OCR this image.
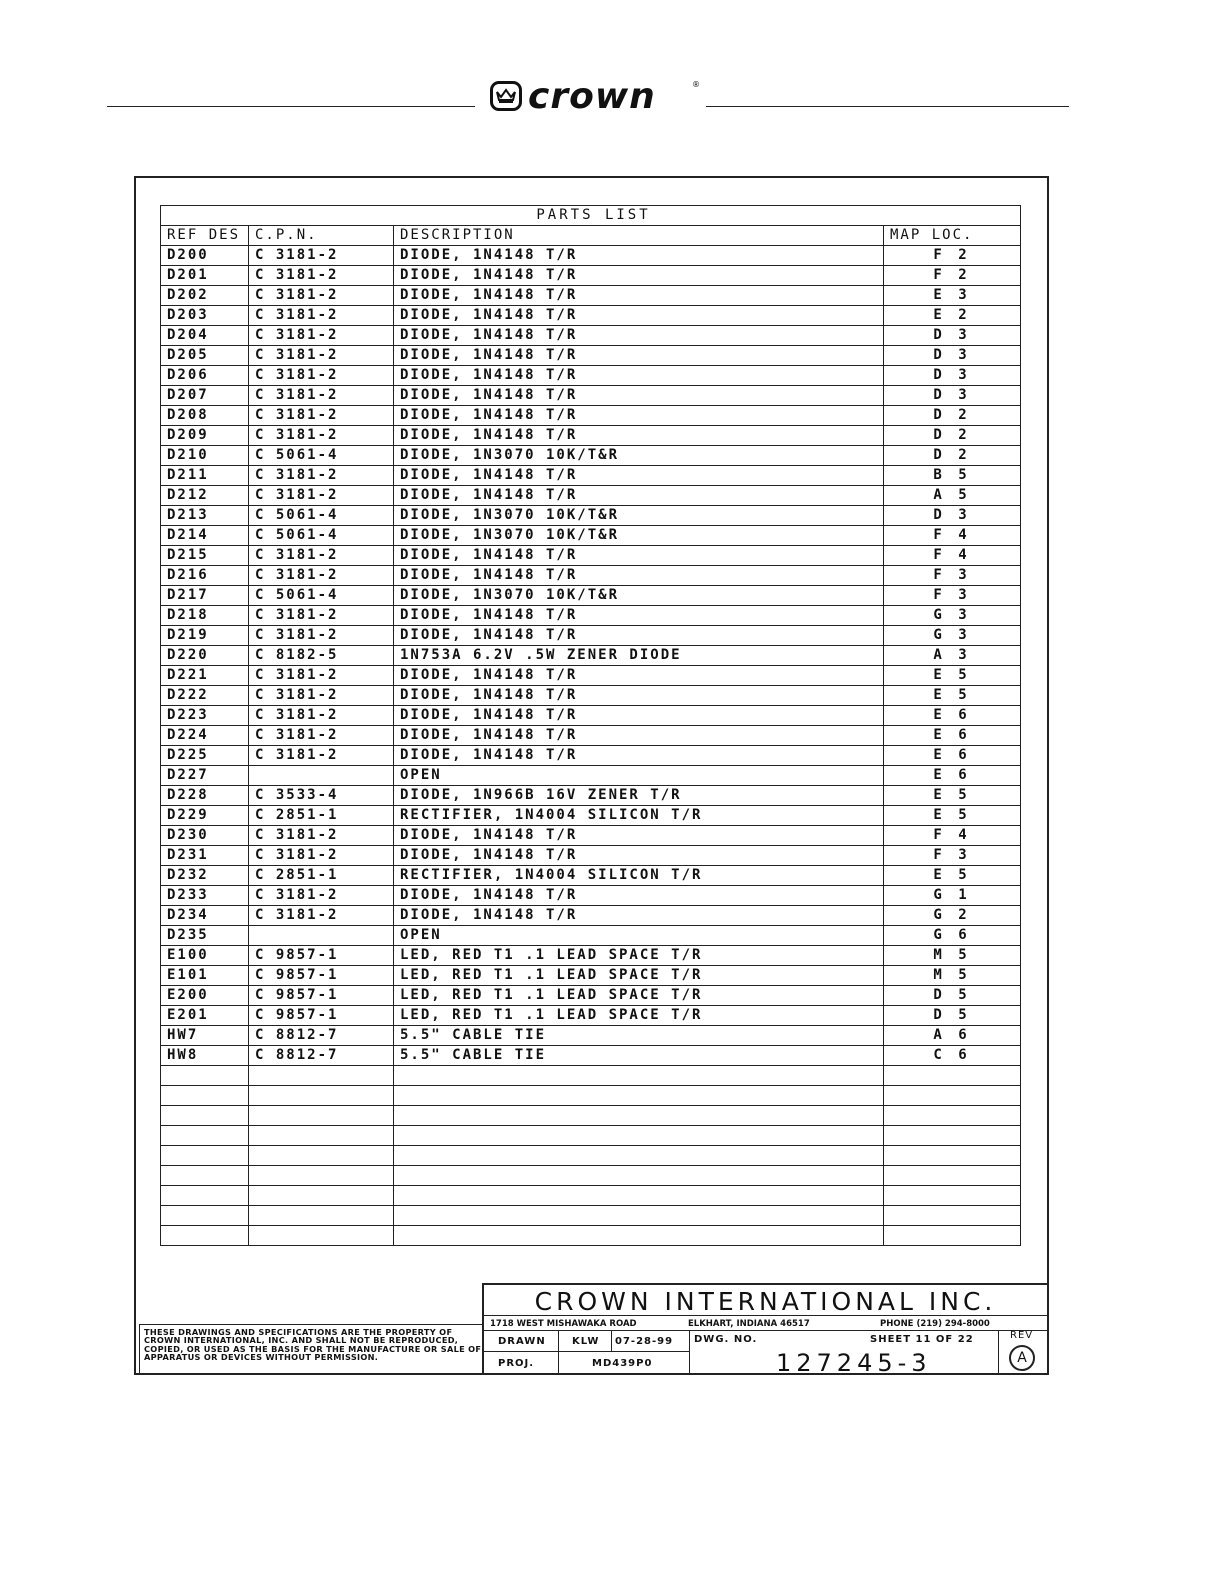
crown	®
PARTS LIST			
REF DES	C.P.N.	DESCRIPTION	MAP LOC.
D200	C 3181-2	DIODE, 1N4148 T/R	F 2
D201	C 3181-2	DIODE, 1N4148 T/R	F 2
D202	C 3181-2	DIODE, 1N4148 T/R	E 3
D203	C 3181-2	DIODE, 1N4148 T/R	E 2
D204	C 3181-2	DIODE, 1N4148 T/R	D 3
D205	C 3181-2	DIODE, 1N4148 T/R	D 3
D206	C 3181-2	DIODE, 1N4148 T/R	D 3
D207	C 3181-2	DIODE, 1N4148 T/R	D 3
D208	C 3181-2	DIODE, 1N4148 T/R	D 2
D209	C 3181-2	DIODE, 1N4148 T/R	D 2
D210	C 5061-4	DIODE, 1N3070 10K/T&R	D 2
D211	C 3181-2	DIODE, 1N4148 T/R	B 5
D212	C 3181-2	DIODE, 1N4148 T/R	A 5
D213	C 5061-4	DIODE, 1N3070 10K/T&R	D 3
D214	C 5061-4	DIODE, 1N3070 10K/T&R	F 4
D215	C 3181-2	DIODE, 1N4148 T/R	F 4
D216	C 3181-2	DIODE, 1N4148 T/R	F 3
D217	C 5061-4	DIODE, 1N3070 10K/T&R	F 3
D218	C 3181-2	DIODE, 1N4148 T/R	G 3
D219	C 3181-2	DIODE, 1N4148 T/R	G 3
D220	C 8182-5	1N753A 6.2V .5W ZENER DIODE	A 3
D221	C 3181-2	DIODE, 1N4148 T/R	E 5
D222	C 3181-2	DIODE, 1N4148 T/R	E 5
D223	C 3181-2	DIODE, 1N4148 T/R	E 6
D224	C 3181-2	DIODE, 1N4148 T/R	E 6
D225	C 3181-2	DIODE, 1N4148 T/R	E 6
D227		OPEN	E 6
D228	C 3533-4	DIODE, 1N966B 16V ZENER T/R	E 5
D229	C 2851-1	RECTIFIER, 1N4004 SILICON T/R	E 5
D230	C 3181-2	DIODE, 1N4148 T/R	F 4
D231	C 3181-2	DIODE, 1N4148 T/R	F 3
D232	C 2851-1	RECTIFIER, 1N4004 SILICON T/R	E 5
D233	C 3181-2	DIODE, 1N4148 T/R	G 1
D234	C 3181-2	DIODE, 1N4148 T/R	G 2
D235		OPEN	G 6
E100	C 9857-1	LED, RED T1 .1 LEAD SPACE T/R	M 5
E101	C 9857-1	LED, RED T1 .1 LEAD SPACE T/R	M 5
E200	C 9857-1	LED, RED T1 .1 LEAD SPACE T/R	D 5
E201	C 9857-1	LED, RED T1 .1 LEAD SPACE T/R	D 5
HW7	C 8812-7	5.5" CABLE TIE	A 6
HW8	C 8812-7	5.5" CABLE TIE	C 6

THESE DRAWINGS AND SPECIFICATIONS ARE THE PROPERTY OF CROWN INTERNATIONAL, INC. AND SHALL NOT BE REPRODUCED, COPIED, OR USED AS THE BASIS FOR THE MANUFACTURE OR SALE OF APPARATUS OR DEVICES WITHOUT PERMISSION.
CROWN INTERNATIONAL INC.
1718 WEST MISHAWAKA ROAD	ELKHART, INDIANA 46517	PHONE (219) 294-8000
DRAWN	KLW 07-28-99 DWG. NO.	SHEET 11 OF 22	REV
PROJ.	MD439P0	127245-3	A
